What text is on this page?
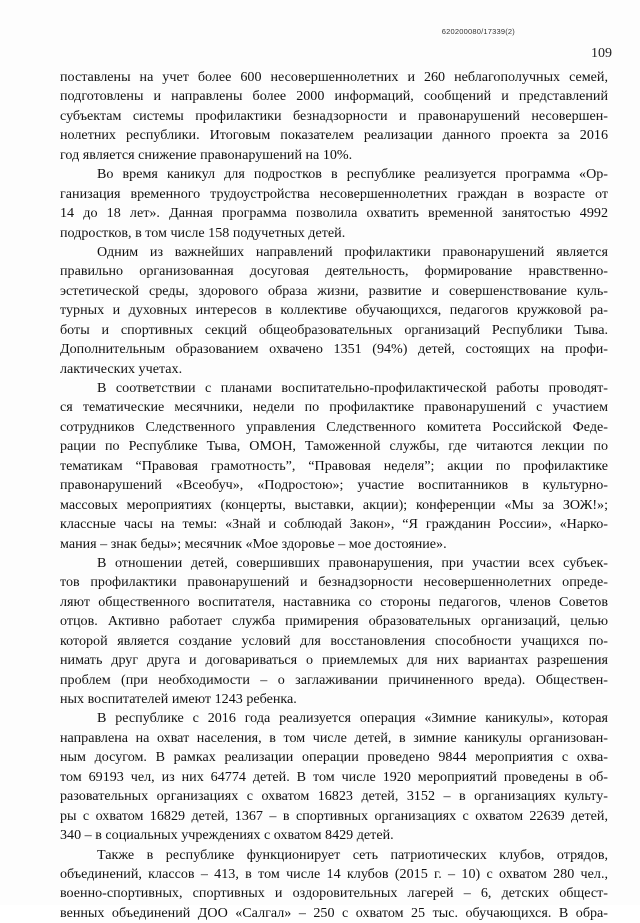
620200080/17339(2)
109
поставлены на учет более 600 несовершеннолетних и 260 неблагополучных семей,
подготовлены и направлены более 2000 информаций, сообщений и представлений
субъектам системы профилактики безнадзорности и правонарушений несовершен-
нолетних республики. Итоговым показателем реализации данного проекта за 2016
год является снижение правонарушений на 10%.
Во время каникул для подростков в республике реализуется программа «Ор-
ганизация временного трудоустройства несовершеннолетних граждан в возрасте от
14 до 18 лет». Данная программа позволила охватить временной занятостью 4992
подростков, в том числе 158 подучетных детей.
Одним из важнейших направлений профилактики правонарушений является
правильно организованная досуговая деятельность, формирование нравственно-
эстетической среды, здорового образа жизни, развитие и совершенствование куль-
турных и духовных интересов в коллективе обучающихся, педагогов кружковой ра-
боты и спортивных секций общеобразовательных организаций Республики Тыва.
Дополнительным образованием охвачено 1351 (94%) детей, состоящих на профи-
лактических учетах.
В соответствии с планами воспитательно-профилактической работы проводят-
ся тематические месячники, недели по профилактике правонарушений с участием
сотрудников Следственного управления Следственного комитета Российской Феде-
рации по Республике Тыва, ОМОН, Таможенной службы, где читаются лекции по
тематикам “Правовая грамотность”, “Правовая неделя”; акции по профилактике
правонарушений «Всеобуч», «Подростою»; участие воспитанников в культурно-
массовых мероприятиях (концерты, выставки, акции); конференции «Мы за ЗОЖ!»;
классные часы на темы: «Знай и соблюдай Закон», “Я гражданин России», «Нарко-
мания – знак беды»; месячник «Мое здоровье – мое достояние».
В отношении детей, совершивших правонарушения, при участии всех субъек-
тов профилактики правонарушений и безнадзорности несовершеннолетних опреде-
ляют общественного воспитателя, наставника со стороны педагогов, членов Советов
отцов. Активно работает служба примирения образовательных организаций, целью
которой является создание условий для восстановления способности учащихся по-
нимать друг друга и договариваться о приемлемых для них вариантах разрешения
проблем (при необходимости – о заглаживании причиненного вреда). Обществен-
ных воспитателей имеют 1243 ребенка.
В республике с 2016 года реализуется операция «Зимние каникулы», которая
направлена на охват населения, в том числе детей, в зимние каникулы организован-
ным досугом. В рамках реализации операции проведено 9844 мероприятия с охва-
том 69193 чел, из них 64774 детей. В том числе 1920 мероприятий проведены в об-
разовательных организациях с охватом 16823 детей, 3152 – в организациях культу-
ры с охватом 16829 детей, 1367 – в спортивных организациях с охватом 22639 детей,
340 – в социальных учреждениях с охватом 8429 детей.
Также в республике функционирует сеть патриотических клубов, отрядов,
объединений, классов – 413, в том числе 14 клубов (2015 г. – 10) с охватом 280 чел.,
военно-спортивных, спортивных и оздоровительных лагерей – 6, детских общест-
венных объединений ДОО «Салгал» – 250 с охватом 25 тыс. обучающихся. В обра-
